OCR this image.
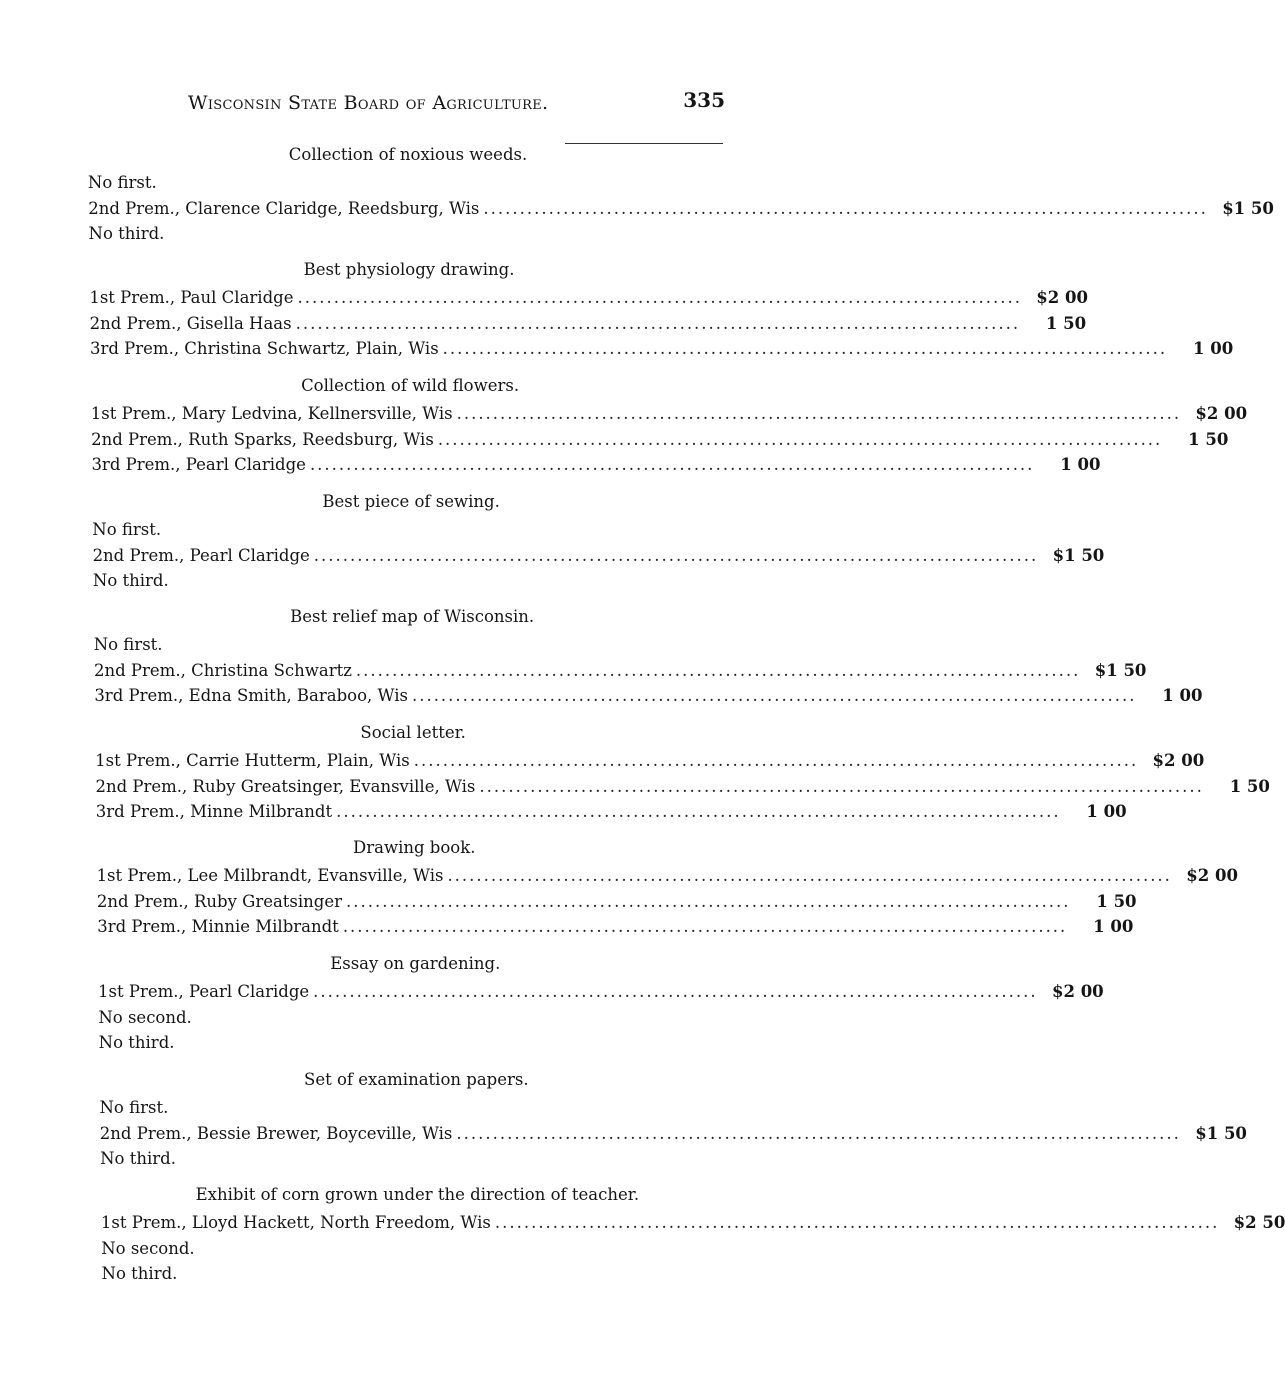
Wisconsin State Board of Agriculture.	335
Collection of noxious weeds.
No first.
2nd Prem., Clarence Claridge, Reedsburg, Wis .................................................................................................... $1 50
No third.
Best physiology drawing.
1st Prem., Paul Claridge .................................................................................................... $2 00
2nd Prem., Gisella Haas ....................................................................................................	1 50
3rd Prem., Christina Schwartz, Plain, Wis ....................................................................................................	1 00
Collection of wild flowers.
1st Prem., Mary Ledvina, Kellnersville, Wis .................................................................................................... $2 00
2nd Prem., Ruth Sparks, Reedsburg, Wis ....................................................................................................	1 50
3rd Prem., Pearl Claridge ....................................................................................................	1 00
Best piece of sewing.
No first.
2nd Prem., Pearl Claridge .................................................................................................... $1 50
No third.
Best relief map of Wisconsin.
No first.
2nd Prem., Christina Schwartz .................................................................................................... $1 50
3rd Prem., Edna Smith, Baraboo, Wis ....................................................................................................	1 00
Social letter.
1st Prem., Carrie Hutterm, Plain, Wis .................................................................................................... $2 00
2nd Prem., Ruby Greatsinger, Evansville, Wis ....................................................................................................	1 50
3rd Prem., Minne Milbrandt ....................................................................................................	1 00
Drawing book.
1st Prem., Lee Milbrandt, Evansville, Wis .................................................................................................... $2 00
2nd Prem., Ruby Greatsinger ....................................................................................................	1 50
3rd Prem., Minnie Milbrandt ....................................................................................................	1 00
Essay on gardening.
1st Prem., Pearl Claridge .................................................................................................... $2 00
No second.
No third.
Set of examination papers.
No first.
2nd Prem., Bessie Brewer, Boyceville, Wis .................................................................................................... $1 50
No third.
Exhibit of corn grown under the direction of teacher.
1st Prem., Lloyd Hackett, North Freedom, Wis .................................................................................................... $2 50
No second.
No third.
